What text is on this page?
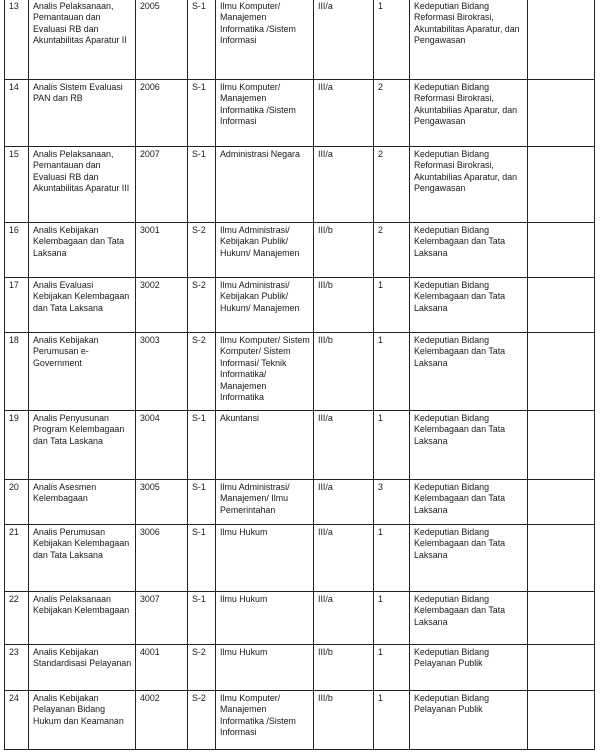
13	Analis Pelaksanaan, Pemantauan dan Evaluasi RB dan Akuntabilitas Aparatur II	2005	S-1	Ilmu Komputer/ Manajemen Informatika /Sistem Informasi	III/a	1	Kedeputian Bidang Reformasi Birokrasi, Akuntabilitas Aparatur, dan Pengawasan	
14	Analis Sistem Evaluasi PAN dan RB	2006	S-1	Ilmu Komputer/ Manajemen Informatika /Sistem Informasi	III/a	2	Kedeputian Bidang Reformasi Birokrasi, Akuntabilias Aparatur, dan Pengawasan	
15	Analis Pelaksanaan, Pemantauan dan Evaluasi RB dan Akuntabilitas Aparatur III	2007	S-1	Administrasi Negara	III/a	2	Kedeputian Bidang Reformasi Birokrasi, Akuntabilias Aparatur, dan Pengawasan	
16	Analis Kebijakan Kelembagaan dan Tata Laksana	3001	S-2	Ilmu Administrasi/ Kebijakan Publik/ Hukum/ Manajemen	III/b	2	Kedeputian Bidang Kelembagaan dan Tata Laksana	
17	Analis Evaluasi Kebijakan Kelembagaan dan Tata Laksana	3002	S-2	Ilmu Administrasi/ Kebijakan Publik/ Hukum/ Manajemen	III/b	1	Kedeputian Bidang Kelembagaan dan Tata Laksana	
18	Analis Kebijakan Perumusan e-Government	3003	S-2	Ilmu Komputer/ Sistem Komputer/ Sistem Informasi/ Teknik Informatika/ Manajemen Informatika	III/b	1	Kedeputian Bidang Kelembagaan dan Tata Laksana	
19	Analis Penyusunan Program Kelembagaan dan Tata Laskana	3004	S-1	Akuntansi	III/a	1	Kedeputian Bidang Kelembagaan dan Tata Laksana	
20	Analis Asesmen Kelembagaan	3005	S-1	Ilmu Administrasi/ Manajemen/ Ilmu Pemerintahan	III/a	3	Kedeputian Bidang Kelembagaan dan Tata Laksana	
21	Analis Perumusan Kebijakan Kelembagaan dan Tata Laksana	3006	S-1	Ilmu Hukum	III/a	1	Kedeputian Bidang Kelembagaan dan Tata Laksana	
22	Analis Pelaksanaan Kebijakan Kelembagaan	3007	S-1	Ilmu Hukum	III/a	1	Kedeputian Bidang Kelembagaan dan Tata Laksana	
23	Analis Kebijakan Standardisasi Pelayanan	4001	S-2	Ilmu Hukum	III/b	1	Kedeputian Bidang Pelayanan Publik	
24	Analis Kebijakan Pelayanan Bidang Hukum dan Keamanan	4002	S-2	Ilmu Komputer/ Manajemen Informatika /Sistem Informasi	III/b	1	Kedeputian Bidang Pelayanan Publik	
